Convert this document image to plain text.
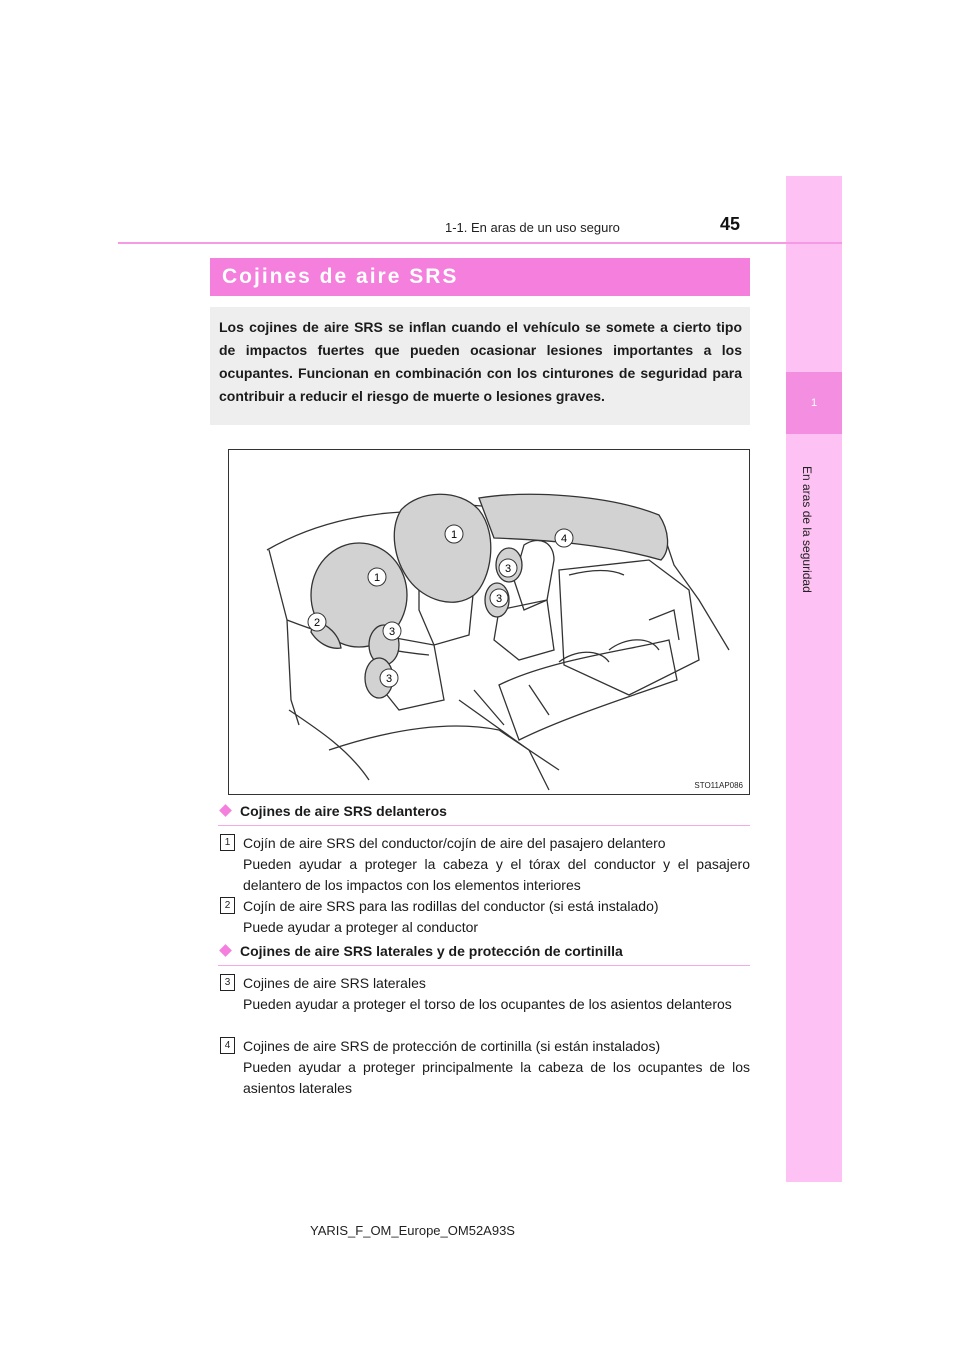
1
En aras de la seguridad
1-1. En aras de un uso seguro	45
Cojines de aire SRS
Los cojines de aire SRS se inflan cuando el vehículo se somete a cierto tipo de impactos fuertes que pueden ocasionar lesiones importantes a los ocupantes. Funcionan en combinación con los cinturones de seguridad para contribuir a reducir el riesgo de muerte o lesiones graves.
1
1
2
3
3
3
3
4
STO11AP086
Cojines de aire SRS delanteros
1 Cojín de aire SRS del conductor/cojín de aire del pasajero delantero
Pueden ayudar a proteger la cabeza y el tórax del conductor y el pasajero delantero de los impactos con los elementos interiores
2 Cojín de aire SRS para las rodillas del conductor (si está instalado)
Puede ayudar a proteger al conductor
Cojines de aire SRS laterales y de protección de cortinilla
3 Cojines de aire SRS laterales
Pueden ayudar a proteger el torso de los ocupantes de los asientos delanteros
4 Cojines de aire SRS de protección de cortinilla (si están instalados)
Pueden ayudar a proteger principalmente la cabeza de los ocupantes de los asientos laterales
YARIS_F_OM_Europe_OM52A93S
